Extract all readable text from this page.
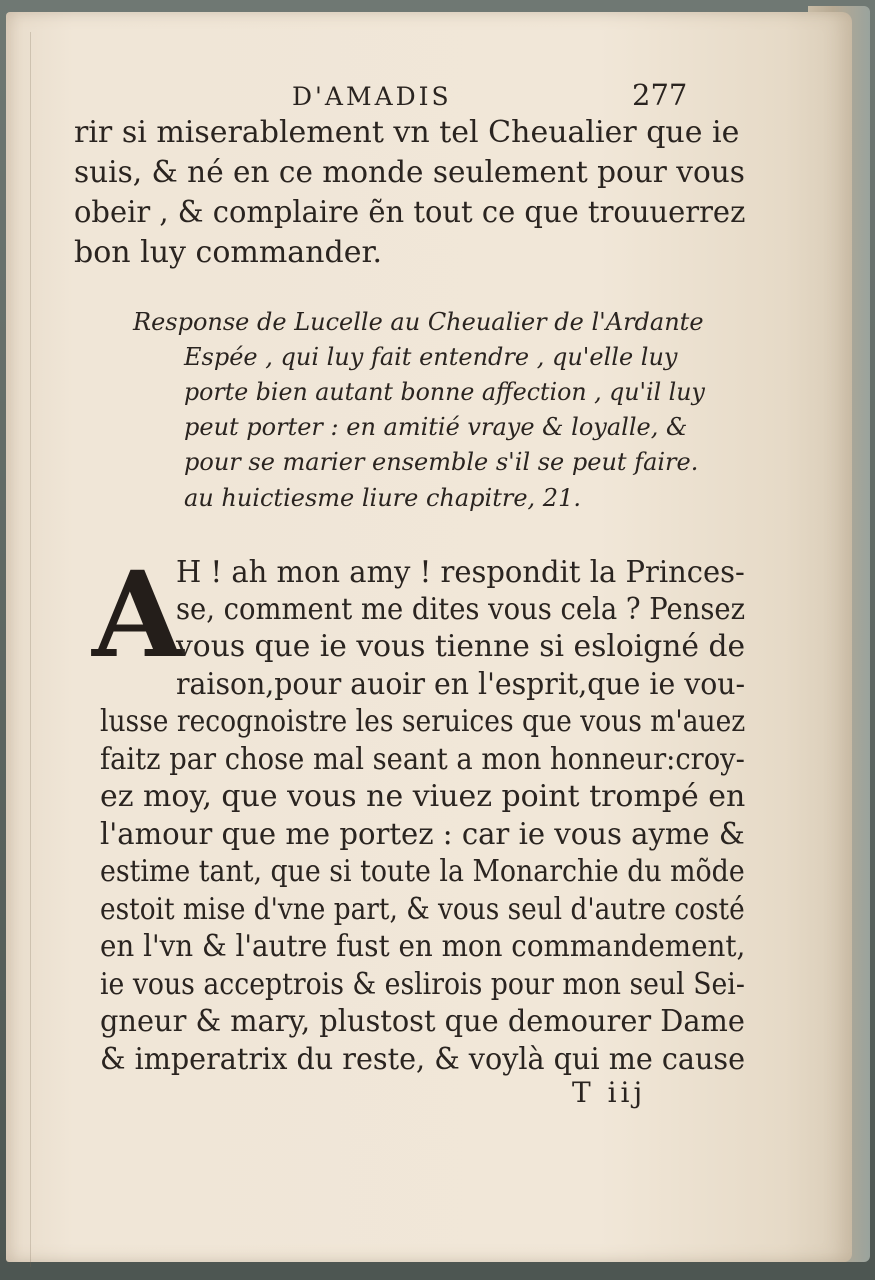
D'AMADIS	277
rir si miserablement vn tel Cheualier que ie
suis, & né en ce monde seulement pour vous
obeir , & complaire ẽn tout ce que trouuerrez
bon luy commander.
Response de Lucelle au Cheualier de l'Ardante
Espée , qui luy fait entendre , qu'elle luy
porte bien autant bonne affection , qu'il luy
peut porter : en amitié vraye & loyalle, &
pour se marier ensemble s'il se peut faire.
au huictiesme liure chapitre, 21.
A
H ! ah mon amy ! respondit la Princes-
se, comment me dites vous cela ? Pensez
vous que ie vous tienne si esloigné de
raison,pour auoir en l'esprit,que ie vou-
lusse recognoistre les seruices que vous m'auez
faitz par chose mal seant a mon honneur:croy-
ez moy, que vous ne viuez point trompé en
l'amour que me portez : car ie vous ayme &
estime tant, que si toute la Monarchie du mõde
estoit mise d'vne part, & vous seul d'autre costé
en l'vn & l'autre fust en mon commandement,
ie vous acceptrois & eslirois pour mon seul Sei-
gneur & mary, plustost que demourer Dame
& imperatrix du reste, & voylà qui me cause
T iij
